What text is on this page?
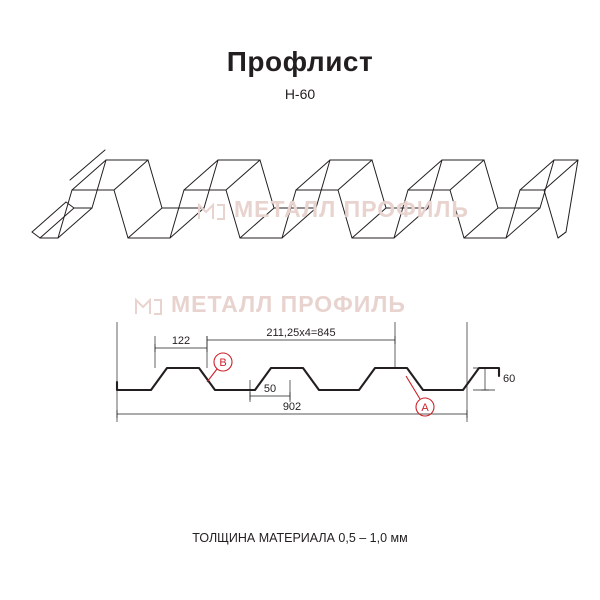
Профлист
Н-60
B
A
122
211,25х4=845
50
902
60
МЕТАЛЛ ПРОФИЛЬ
МЕТАЛЛ ПРОФИЛЬ
ТОЛЩИНА МАТЕРИАЛА 0,5 – 1,0 мм
